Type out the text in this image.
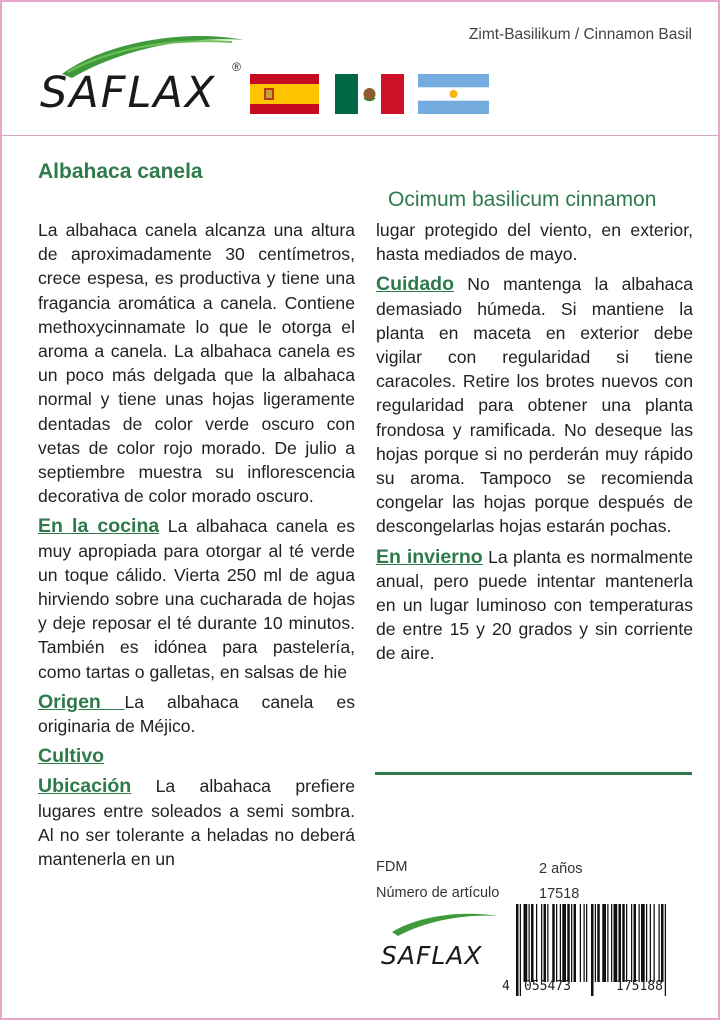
Zimt-Basilikum / Cinnamon Basil
SAFLAX
®
Albahaca canela
Ocimum basilicum cinnamon

La albahaca canela alcanza una altura de aproximadamente 30 centímetros, crece espesa, es productiva y tiene una fragancia aromática a canela. Contiene methoxycinnamate lo que le otorga el aroma a canela. La albahaca canela es un poco más delgada que la albahaca normal y tiene unas hojas ligeramente dentadas de color verde oscuro con vetas de color rojo morado. De julio a septiembre muestra su inflorescencia decorativa de color morado oscuro.

En la cocina La albahaca canela es muy apropiada para otorgar al té verde un toque cálido. Vierta 250 ml de agua hirviendo sobre una cucharada de hojas y deje reposar el té durante 10 minutos. También es idónea para pastelería, como tartas o galletas, en salsas de hie

Origen La albahaca canela es originaria de Méjico.

Cultivo

Ubicación La albahaca prefiere lugares entre soleados a semi sombra. Al no ser tolerante a heladas no deberá mantenerla en un

lugar protegido del viento, en exterior, hasta mediados de mayo.

Cuidado No mantenga la albahaca demasiado húmeda. Si mantiene la planta en maceta en exterior debe vigilar con regularidad si tiene caracoles. Retire los brotes nuevos con regularidad para obtener una planta frondosa y ramificada. No deseque las hojas porque si no perderán muy rápido su aroma. Tampoco se recomienda congelar las hojas porque después de descongelarlas hojas estarán pochas.

En invierno La planta es normalmente anual, pero puede intentar mantenerla en un lugar luminoso con temperaturas de entre 15 y 20 grados y sin corriente de aire.

FDM	2 años
Número de artículo	17518
SAFLAX
4 055473	175188
